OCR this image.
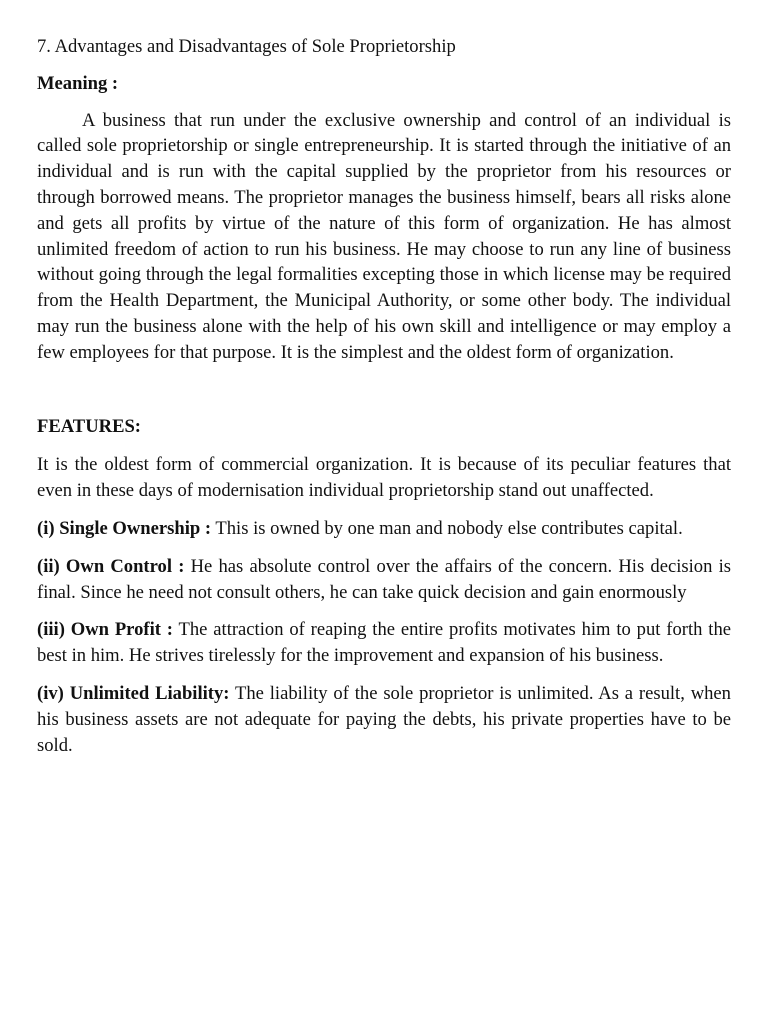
7. Advantages and Disadvantages of Sole Proprietorship

Meaning :

A business that run under the exclusive ownership and control of an individual is called sole proprietorship or single entrepreneurship. It is started through the initiative of an individual and is run with the capital supplied by the proprietor from his resources or through borrowed means. The proprietor manages the business himself, bears all risks alone and gets all profits by virtue of the nature of this form of organization. He has almost unlimited freedom of action to run his business. He may choose to run any line of business without going through the legal formalities excepting those in which license may be required from the Health Department, the Municipal Authority, or some other body. The individual may run the business alone with the help of his own skill and intelligence or may employ a few employees for that purpose. It is the simplest and the oldest form of organization.

FEATURES:

It is the oldest form of commercial organization. It is because of its peculiar features that even in these days of modernisation individual proprietorship stand out unaffected.

(i) Single Ownership : This is owned by one man and nobody else contributes capital.

(ii) Own Control : He has absolute control over the affairs of the concern. His decision is final. Since he need not consult others, he can take quick decision and gain enormously

(iii) Own Profit : The attraction of reaping the entire profits motivates him to put forth the best in him. He strives tirelessly for the improvement and expansion of his business.

(iv) Unlimited Liability: The liability of the sole proprietor is unlimited. As a result, when his business assets are not adequate for paying the debts, his private properties have to be sold.
